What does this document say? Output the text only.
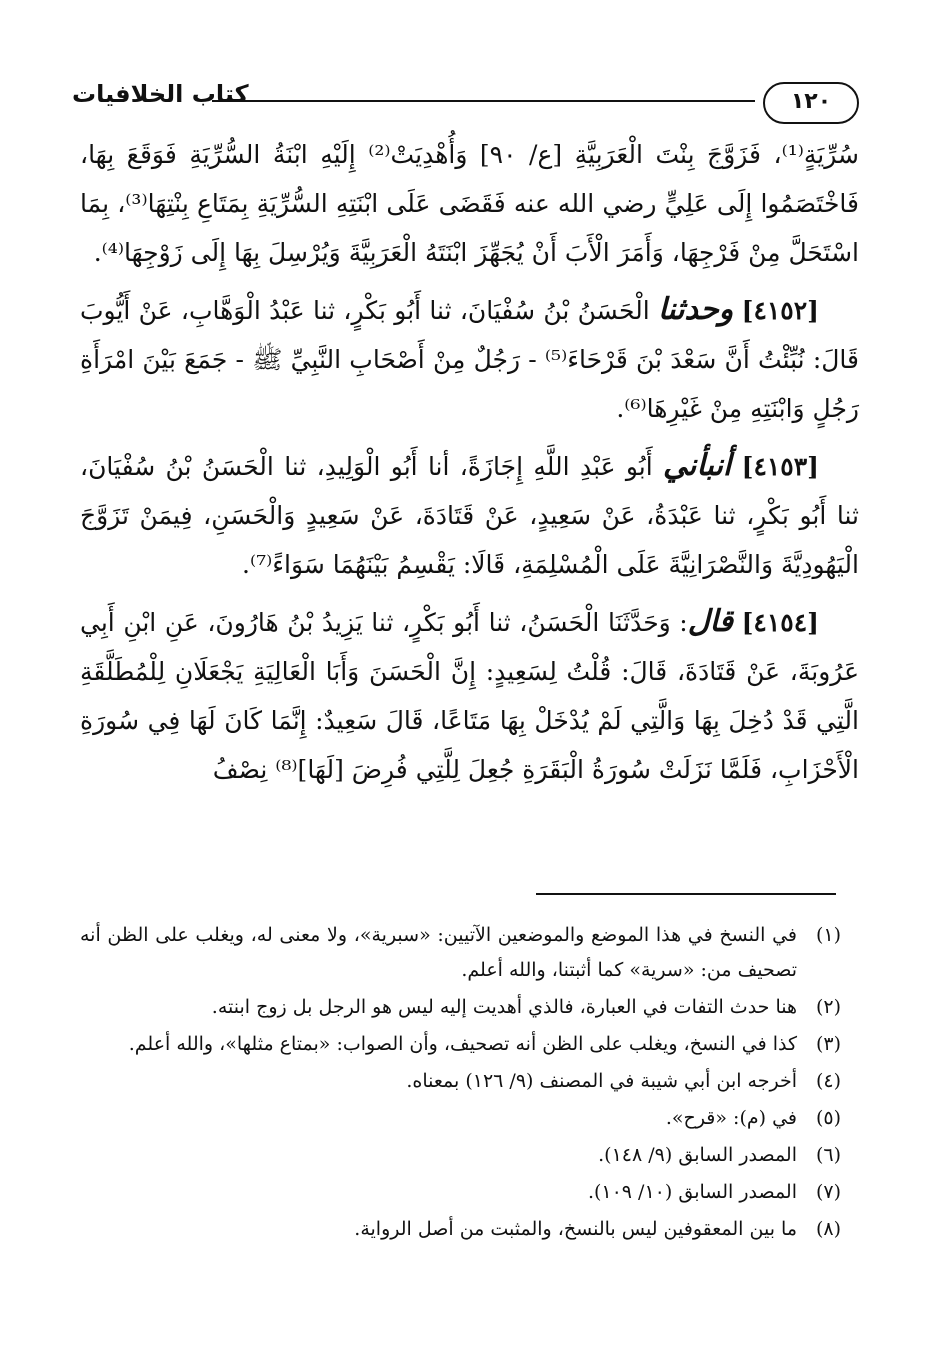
كتاب الخلافيات	١٢٠

سُرِّيَةٍ⁽¹⁾، فَزَوَّجَ بِنْتَ الْعَرَبِيَّةِ [ع/ ٩٠] وَأُهْدِيَتْ⁽²⁾ إِلَيْهِ ابْنَةُ السُّرِّيَةِ فَوَقَعَ بِهَا، فَاخْتَصَمُوا إِلَى عَلِيٍّ رضي الله عنه فَقَضَى عَلَى ابْنَتِهِ السُّرِّيَةِ بِمَتَاعِ بِنْتِهَا⁽³⁾، بِمَا اسْتَحَلَّ مِنْ فَرْجِهَا، وَأَمَرَ الْأَبَ أَنْ يُجَهِّزَ ابْنَتَهُ الْعَرَبِيَّةَ وَيُرْسِلَ بِهَا إِلَى زَوْجِهَا⁽⁴⁾.

[٤١٥٢] وحدثنا الْحَسَنُ بْنُ سُفْيَانَ، ثنا أَبُو بَكْرٍ، ثنا عَبْدُ الْوَهَّابِ، عَنْ أَيُّوبَ قَالَ: نُبِّئْتُ أَنَّ سَعْدَ بْنَ قَرْحَاءَ⁽⁵⁾ - رَجُلٌ مِنْ أَصْحَابِ النَّبِيِّ ﷺ - جَمَعَ بَيْنَ امْرَأَةِ رَجُلٍ وَابْنَتِهِ مِنْ غَيْرِهَا⁽⁶⁾.

[٤١٥٣] أنبأني أَبُو عَبْدِ اللَّهِ إِجَازَةً، أنا أَبُو الْوَلِيدِ، ثنا الْحَسَنُ بْنُ سُفْيَانَ، ثنا أَبُو بَكْرٍ، ثنا عَبْدَةُ، عَنْ سَعِيدٍ، عَنْ قَتَادَةَ، عَنْ سَعِيدٍ وَالْحَسَنِ، فِيمَنْ تَزَوَّجَ الْيَهُودِيَّةَ وَالنَّصْرَانِيَّةَ عَلَى الْمُسْلِمَةِ، قَالَا: يَقْسِمُ بَيْنَهُمَا سَوَاءً⁽⁷⁾.

[٤١٥٤] قال: وَحَدَّثَنَا الْحَسَنُ، ثنا أَبُو بَكْرٍ، ثنا يَزِيدُ بْنُ هَارُونَ، عَنِ ابْنِ أَبِي عَرُوبَةَ، عَنْ قَتَادَةَ، قَالَ: قُلْتُ لِسَعِيدٍ: إِنَّ الْحَسَنَ وَأَبَا الْعَالِيَةِ يَجْعَلَانِ لِلْمُطَلَّقَةِ الَّتِي قَدْ دُخِلَ بِهَا وَالَّتِي لَمْ يُدْخَلْ بِهَا مَتَاعًا، قَالَ سَعِيدٌ: إِنَّمَا كَانَ لَهَا فِي سُورَةِ الْأَحْزَابِ، فَلَمَّا نَزَلَتْ سُورَةُ الْبَقَرَةِ جُعِلَ لِلَّتِي فُرِضَ [لَهَا]⁽⁸⁾ نِصْفُ

(١)
في النسخ في هذا الموضع والموضعين الآتيين: «سبرية»، ولا معنى له، ويغلب على الظن أنه تصحيف من: «سرية» كما أثبتنا، والله أعلم.
(٢)
هنا حدث التفات في العبارة، فالذي أهديت إليه ليس هو الرجل بل زوج ابنته.
(٣)
كذا في النسخ، ويغلب على الظن أنه تصحيف، وأن الصواب: «بمتاع مثلها»، والله أعلم.
(٤)
أخرجه ابن أبي شيبة في المصنف (٩/ ١٢٦) بمعناه.
(٥)
في (م): «قرح».
(٦)
المصدر السابق (٩/ ١٤٨).
(٧)
المصدر السابق (١٠/ ١٠٩).
(٨)
ما بين المعقوفين ليس بالنسخ، والمثبت من أصل الرواية.
